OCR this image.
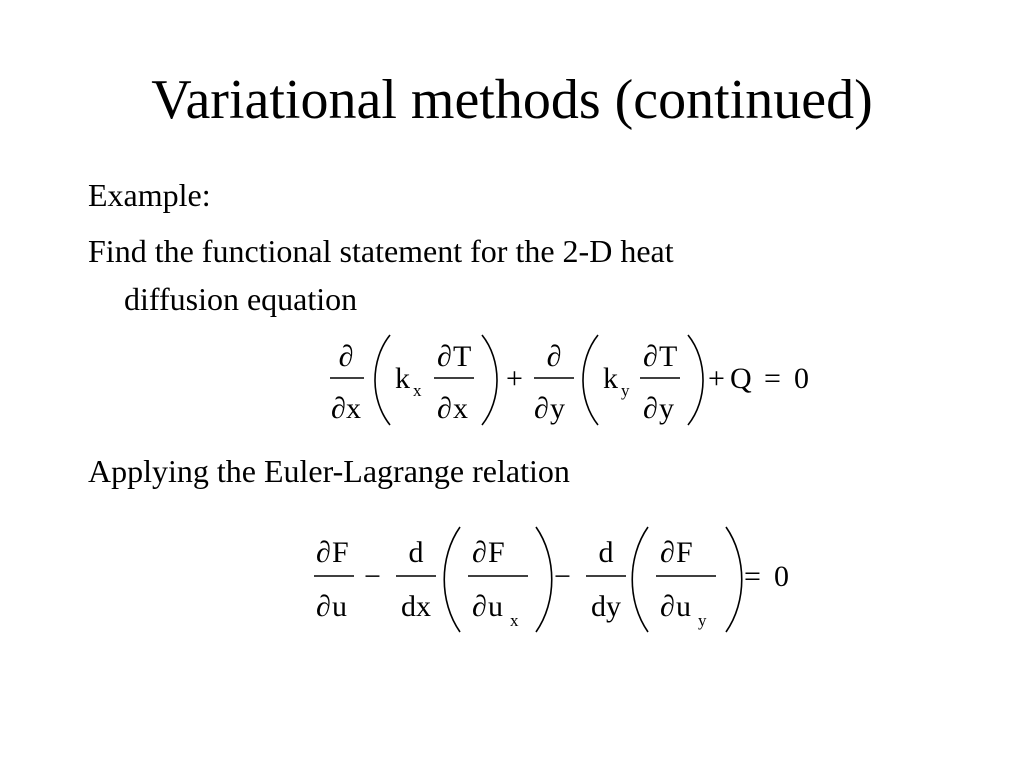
Variational methods (continued)
Example:
Find the functional statement for the 2-D heat
diffusion equation
∂
∂ x
k x
∂ T
∂ x
+
∂
∂ y
k y
∂ T
∂ y
+ Q = 0
Applying the Euler-Lagrange relation
∂ F
∂ u
−
d
dx
∂ F
∂ u x
−
d
dy
∂ F
∂ u y
= 0
